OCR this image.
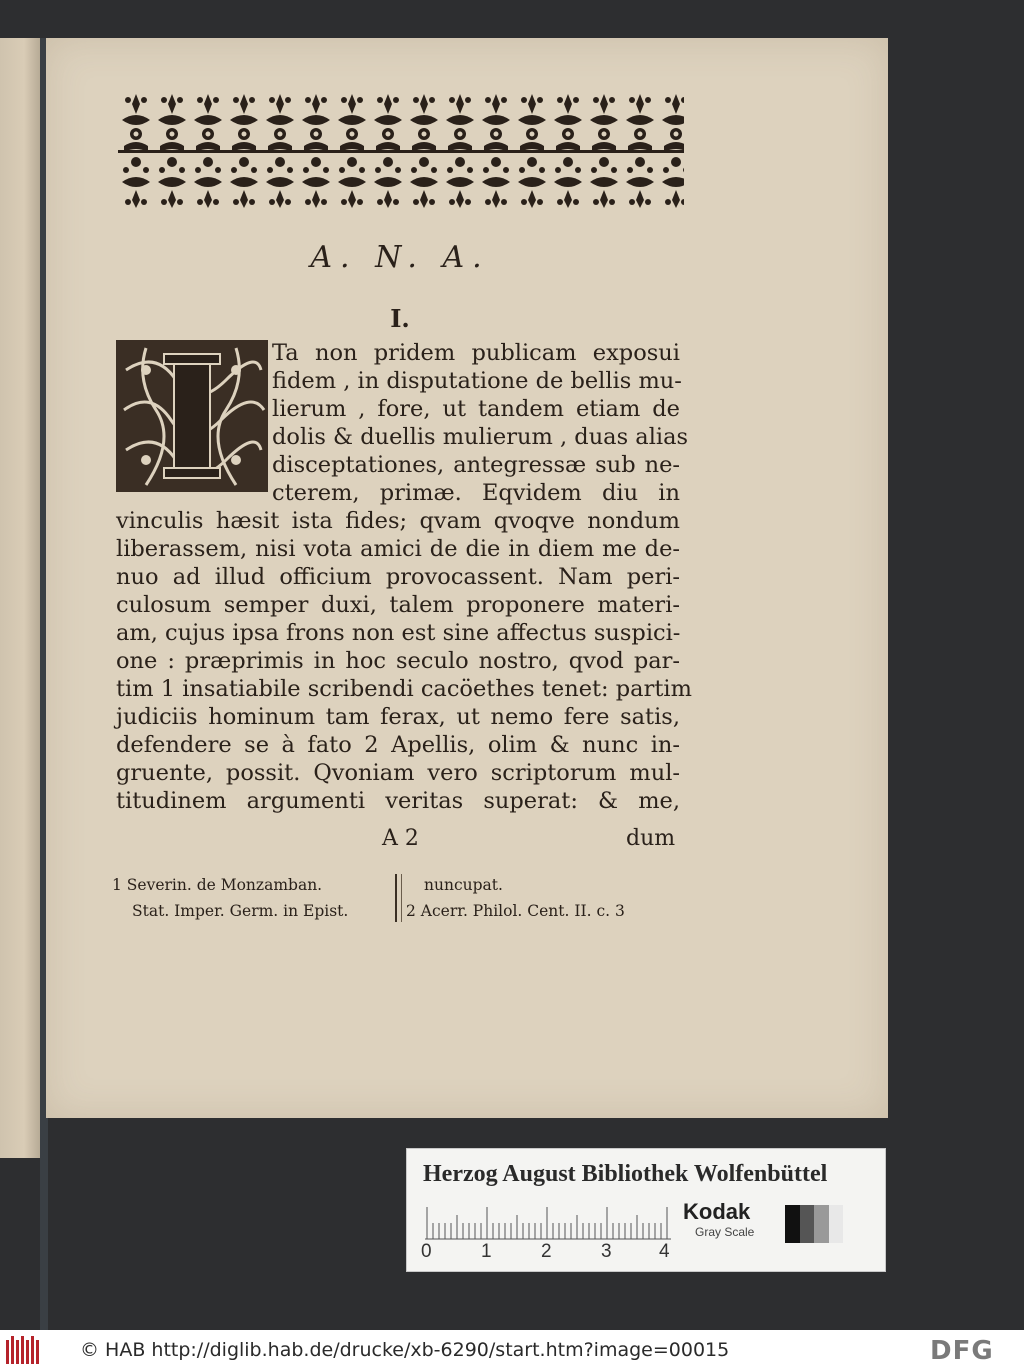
A. N. A.
I.
Ta non pridem publicam exposui
fidem , in disputatione de bellis mu-
lierum , fore, ut tandem etiam de
dolis & duellis mulierum , duas alias
disceptationes, antegressæ sub ne-
cterem, primæ. Eqvidem diu in
vinculis hæsit ista fides; qvam qvoqve nondum
liberassem, nisi vota amici de die in diem me de-
nuo ad illud officium provocassent. Nam peri-
culosum semper duxi, talem proponere materi-
am, cujus ipsa frons non est sine affectus suspici-
one : præprimis in hoc seculo nostro, qvod par-
tim 1 insatiabile scribendi cacöethes tenet: partim
judiciis hominum tam ferax, ut nemo fere satis,
defendere se à fato 2 Apellis, olim & nunc in-
gruente, possit. Qvoniam vero scriptorum mul-
titudinem argumenti veritas superat: & me,
A 2	dum
1 Severin. de Monzamban.
Stat. Imper. Germ. in Epist.
nuncupat.
2 Acerr. Philol. Cent. II. c. 3
Herzog August Bibliothek Wolfenbüttel
0	1	2	3 4
Kodak
Gray Scale
© HAB http://diglib.hab.de/drucke/xb-6290/start.htm?image=00015	DFG
